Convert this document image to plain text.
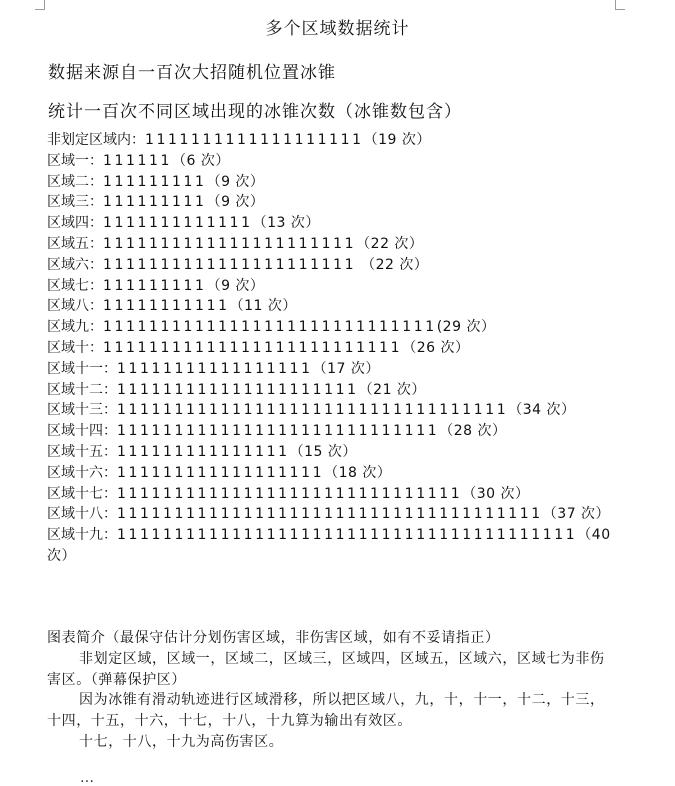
多个区域数据统计
数据来源自一百次大招随机位置冰锥
统计一百次不同区域出现的冰锥次数（冰锥数包含）
非划定区域内：1111111111111111111（19 次）
区域一：111111（6 次）
区域二：111111111（9 次）
区域三：111111111（9 次）
区域四：1111111111111（13 次）
区域五：1111111111111111111111（22 次）
区域六：1111111111111111111111 （22 次）
区域七：111111111（9 次）
区域八：11111111111（11 次）
区域九：11111111111111111111111111111(29 次）
区域十：11111111111111111111111111（26 次）
区域十一：11111111111111111（17 次）
区域十二：111111111111111111111（21 次）
区域十三：1111111111111111111111111111111111（34 次）
区域十四：1111111111111111111111111111（28 次）
区域十五：111111111111111（15 次）
区域十六：111111111111111111（18 次）
区域十七：111111111111111111111111111111（30 次）
区域十八：1111111111111111111111111111111111111（37 次）
区域十九：1111111111111111111111111111111111111111（40 次）

图表简介（最保守估计分划伤害区域，非伤害区域，如有不妥请指正）

非划定区域，区域一，区域二，区域三，区域四，区域五，区域六，区域七为非伤害区。（弹幕保护区）

因为冰锥有滑动轨迹进行区域滑移，所以把区域八，九，十，十一，十二，十三，十四，十五，十六，十七，十八，十九算为输出有效区。

十七，十八，十九为高伤害区。

…
